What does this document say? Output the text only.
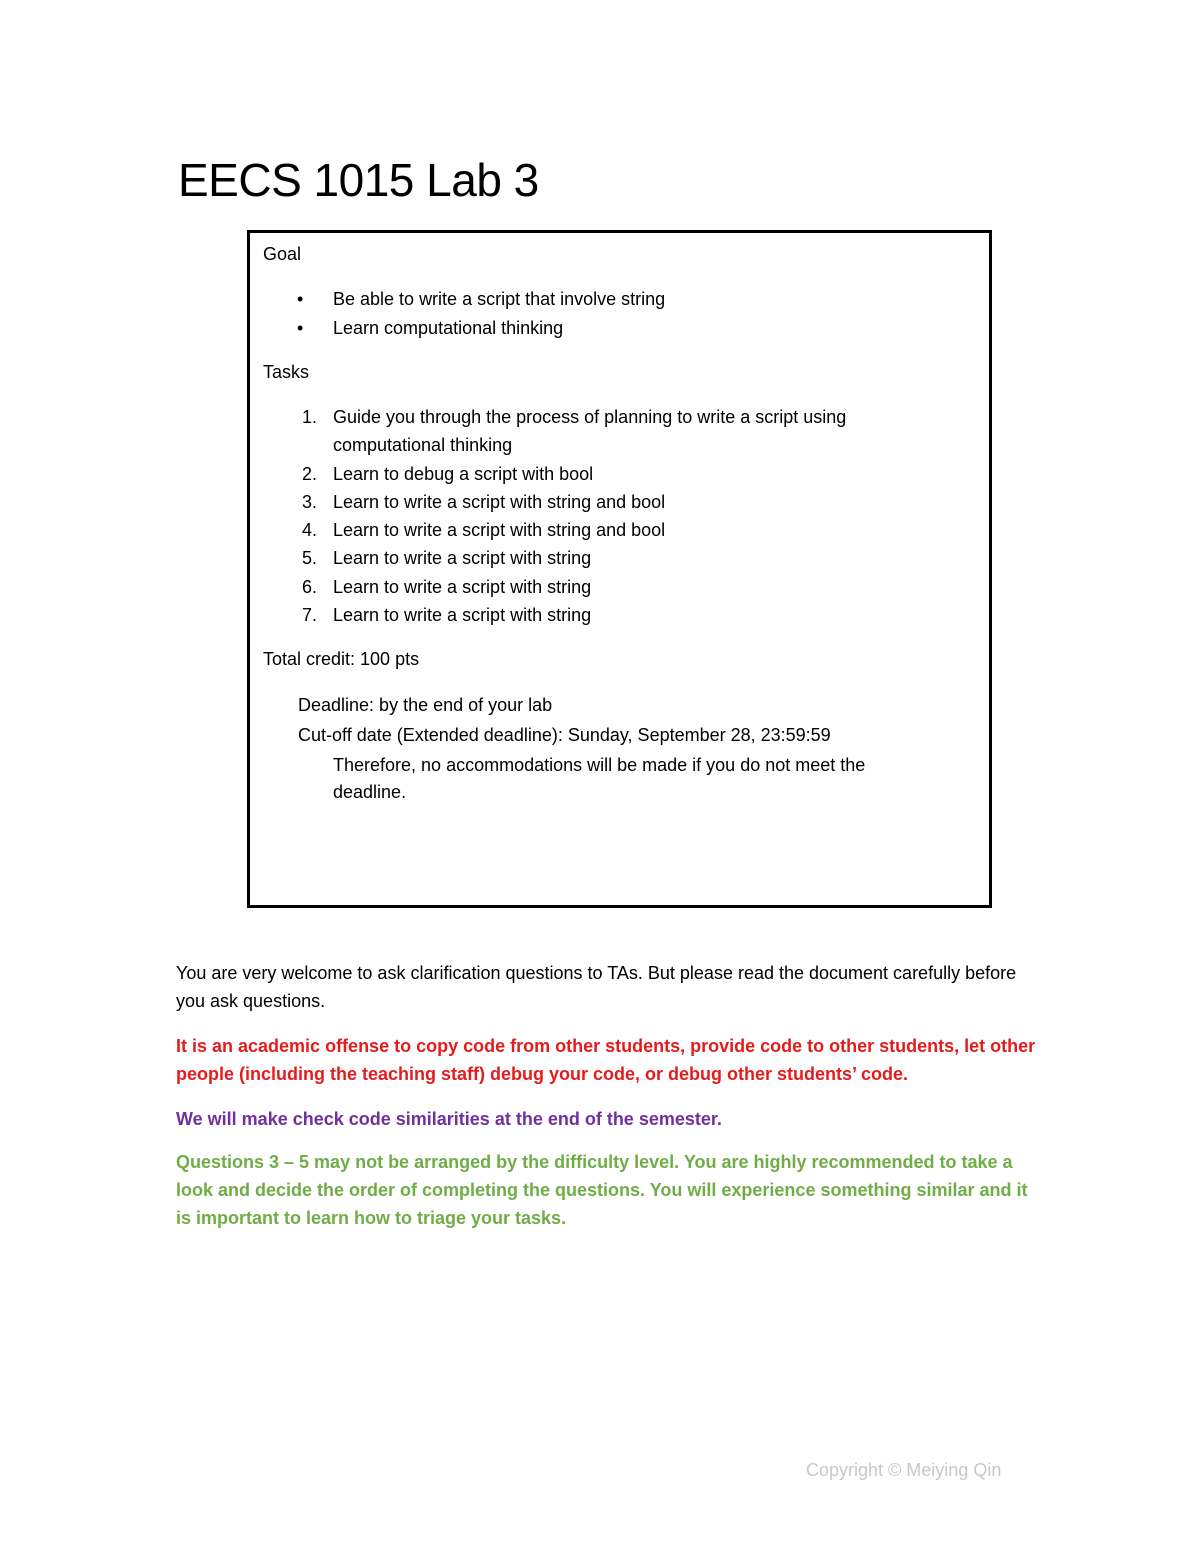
EECS 1015 Lab 3
Goal
• Be able to write a script that involve string
• Learn computational thinking
Tasks
1. Guide you through the process of planning to write a script using
computational thinking
2. Learn to debug a script with bool
3. Learn to write a script with string and bool
4. Learn to write a script with string and bool
5. Learn to write a script with string
6. Learn to write a script with string
7. Learn to write a script with string
Total credit: 100 pts
Deadline: by the end of your lab
Cut-off date (Extended deadline): Sunday, September 28, 23:59:59
Therefore, no accommodations will be made if you do not meet the
deadline.
You are very welcome to ask clarification questions to TAs. But please read the document carefully before you ask questions.
It is an academic offense to copy code from other students, provide code to other students, let other people (including the teaching staff) debug your code, or debug other students’ code.
We will make check code similarities at the end of the semester.
Questions 3 – 5 may not be arranged by the difficulty level. You are highly recommended to take a look and decide the order of completing the questions. You will experience something similar and it is important to learn how to triage your tasks.
Copyright © Meiying Qin
